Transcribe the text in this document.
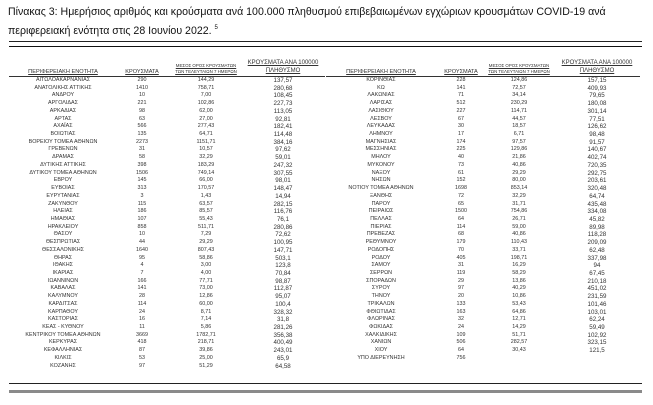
Πίνακας 3: Ημερήσιος αριθμός και κρούσματα ανά 100.000 πληθυσμού επιβεβαιωμένων εγχώριων κρουσμάτων COVID-19 ανά περιφερειακή ενότητα στις 28 Ιουνίου 2022. $^5$
ΠΕΡΙΦΕΡΕΙΑΚΗ ΕΝΟΤΗΤΑ	ΚΡΟΥΣΜΑΤΑ
ΜΕΣΟΣ ΟΡΟΣ ΚΡΟΥΣΜΑΤΩΝ
ΤΩΝ ΤΕΛΕΥΤΑΙΩΝ 7 ΗΜΕΡΩΝ
ΚΡΟΥΣΜΑΤΑ ΑΝΑ 100000
ΠΛΗΘΥΣΜΟ
ΑΙΤΩΛΟΑΚΑΡΝΑΝΙΑΣ	290	144,29	137,57
ΑΝΑΤΟΛΙΚΗΣ ΑΤΤΙΚΗΣ	1410	758,71	280,68
ΑΝΔΡΟΥ	10	7,00	108,45
ΑΡΓΟΛΙΔΑΣ	221	102,86	227,73
ΑΡΚΑΔΙΑΣ	98	62,00	113,05
ΑΡΤΑΣ	63	27,00	92,81
ΑΧΑΪΑΣ	566	277,43	182,41
ΒΟΙΩΤΙΑΣ	135	64,71	114,48
ΒΟΡΕΙΟΥ ΤΟΜΕΑ ΑΘΗΝΩΝ	2273	1151,71	384,16
ΓΡΕΒΕΝΩΝ	31	10,57	97,62
ΔΡΑΜΑΣ	58	32,29	59,01
ΔΥΤΙΚΗΣ ΑΤΤΙΚΗΣ	398	183,29	247,32
ΔΥΤΙΚΟΥ ΤΟΜΕΑ ΑΘΗΝΩΝ	1506	749,14	307,55
ΕΒΡΟΥ	145	66,00	98,01
ΕΥΒΟΙΑΣ	313	170,57	148,47
ΕΥΡΥΤΑΝΙΑΣ	3	1,43	14,94
ΖΑΚΥΝΘΟΥ	115	63,57	282,15
ΗΛΕΙΑΣ	186	85,57	116,76
ΗΜΑΘΙΑΣ	107	55,43	76,1
ΗΡΑΚΛΕΙΟΥ	858	511,71	280,86
ΘΑΣΟΥ	10	7,29	72,62
ΘΕΣΠΡΩΤΙΑΣ	44	29,29	100,95
ΘΕΣΣΑΛΟΝΙΚΗΣ	1640	807,43	147,71
ΘΗΡΑΣ	95	58,86	503,1
ΙΘΑΚΗΣ	4	3,00	123,8
ΙΚΑΡΙΑΣ	7	4,00	70,84
ΙΩΑΝΝΙΝΩΝ	166	77,71	98,87
ΚΑΒΑΛΑΣ	141	73,00	112,87
ΚΑΛΥΜΝΟΥ	28	12,86	95,07
ΚΑΡΔΙΤΣΑΣ	114	60,00	100,4
ΚΑΡΠΑΘΟΥ	24	8,71	328,32
ΚΑΣΤΟΡΙΑΣ	16	7,14	31,8
ΚΕΑΣ - ΚΥΘΝΟΥ	11	5,86	281,26
ΚΕΝΤΡΙΚΟΥ ΤΟΜΕΑ ΑΘΗΝΩΝ	3669	1782,71	356,38
ΚΕΡΚΥΡΑΣ	418	218,71	400,49
ΚΕΦΑΛΛΗΝΙΑΣ	87	39,86	243,01
ΚΙΛΚΙΣ	53	25,00	65,9
ΚΟΖΑΝΗΣ	97	51,29	64,58
ΠΕΡΙΦΕΡΕΙΑΚΗ ΕΝΟΤΗΤΑ	ΚΡΟΥΣΜΑΤΑ
ΜΕΣΟΣ ΟΡΟΣ ΚΡΟΥΣΜΑΤΩΝ
ΤΩΝ ΤΕΛΕΥΤΑΙΩΝ 7 ΗΜΕΡΩΝ
ΚΡΟΥΣΜΑΤΑ ΑΝΑ 100000
ΠΛΗΘΥΣΜΟ
ΚΟΡΙΝΘΙΑΣ	228	124,86	157,15
ΚΩ	141	72,57	409,93
ΛΑΚΩΝΙΑΣ	71	34,14	79,65
ΛΑΡΙΣΑΣ	512	230,29	180,08
ΛΑΣΙΘΙΟΥ	227	114,71	301,14
ΛΕΣΒΟΥ	67	44,57	77,51
ΛΕΥΚΑΔΑΣ	30	18,57	126,62
ΛΗΜΝΟΥ	17	6,71	98,48
ΜΑΓΝΗΣΙΑΣ	174	97,57	91,57
ΜΕΣΣΗΝΙΑΣ	225	129,86	140,67
ΜΗΛΟΥ	40	21,86	402,74
ΜΥΚΟΝΟΥ	73	40,86	720,35
ΝΑΞΟΥ	61	29,29	292,75
ΝΗΣΩΝ	152	80,00	203,61
ΝΟΤΙΟΥ ΤΟΜΕΑ ΑΘΗΝΩΝ	1698	853,14	320,48
ΞΑΝΘΗΣ	72	32,29	64,74
ΠΑΡΟΥ	65	31,71	435,48
ΠΕΙΡΑΙΩΣ	1500	754,86	334,08
ΠΕΛΛΑΣ	64	26,71	45,82
ΠΙΕΡΙΑΣ	114	59,00	89,98
ΠΡΕΒΕΖΑΣ	68	40,86	118,28
ΡΕΘΥΜΝΟΥ	179	110,43	209,09
ΡΟΔΟΠΗΣ	70	33,71	62,48
ΡΟΔΟΥ	405	198,71	337,98
ΣΑΜΟΥ	31	16,29	94
ΣΕΡΡΩΝ	119	58,29	67,45
ΣΠΟΡΑΔΩΝ	29	13,86	210,18
ΣΥΡΟΥ	97	40,29	451,02
ΤΗΝΟΥ	20	10,86	231,59
ΤΡΙΚΑΛΩΝ	133	53,43	101,46
ΦΘΙΩΤΙΔΑΣ	163	64,86	103,01
ΦΛΩΡΙΝΑΣ	32	12,71	62,24
ΦΩΚΙΔΑΣ	24	14,29	59,49
ΧΑΛΚΙΔΙΚΗΣ	109	51,71	102,92
ΧΑΝΙΩΝ	506	282,57	323,15
ΧΙΟΥ	64	30,43	121,5
ΥΠΟ ΔΙΕΡΕΥΝΗΣΗ	756
